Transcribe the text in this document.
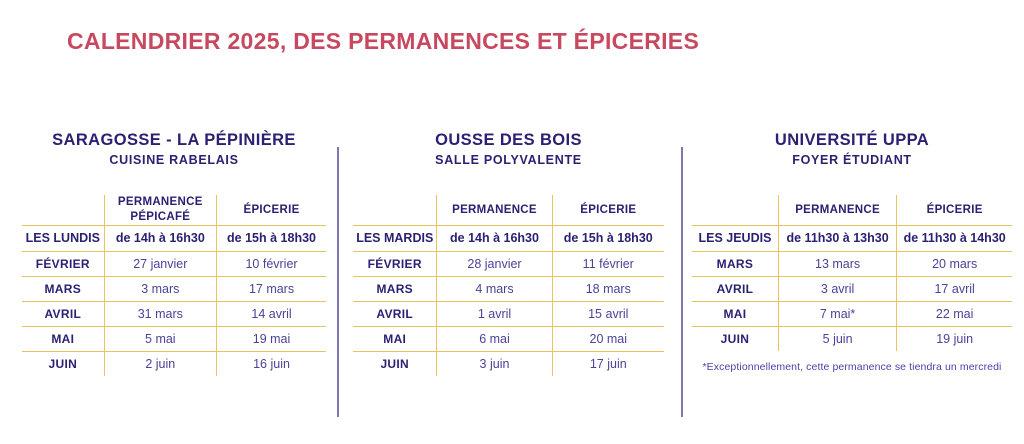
CALENDRIER 2025, DES PERMANENCES ET ÉPICERIES
SARAGOSSE - LA PÉPINIÈRE
CUISINE RABELAIS
	PERMANENCE PÉPICAFÉ	ÉPICERIE
LES LUNDIS	de 14h à 16h30	de 15h à 18h30
FÉVRIER	27 janvier	10 février
MARS	3 mars	17 mars
AVRIL	31 mars	14 avril
MAI	5 mai	19 mai
JUIN	2 juin	16 juin
OUSSE DES BOIS
SALLE POLYVALENTE
	PERMANENCE	ÉPICERIE
LES MARDIS	de 14h à 16h30	de 15h à 18h30
FÉVRIER	28 janvier	11 février
MARS	4 mars	18 mars
AVRIL	1 avril	15 avril
MAI	6 mai	20 mai
JUIN	3 juin	17 juin
UNIVERSITÉ UPPA
FOYER ÉTUDIANT
	PERMANENCE	ÉPICERIE
LES JEUDIS	de 11h30 à 13h30	de 11h30 à 14h30
MARS	13 mars	20 mars
AVRIL	3 avril	17 avril
MAI	7 mai*	22 mai
JUIN	5 juin	19 juin

*Exceptionnellement, cette permanence se tiendra un mercredi
